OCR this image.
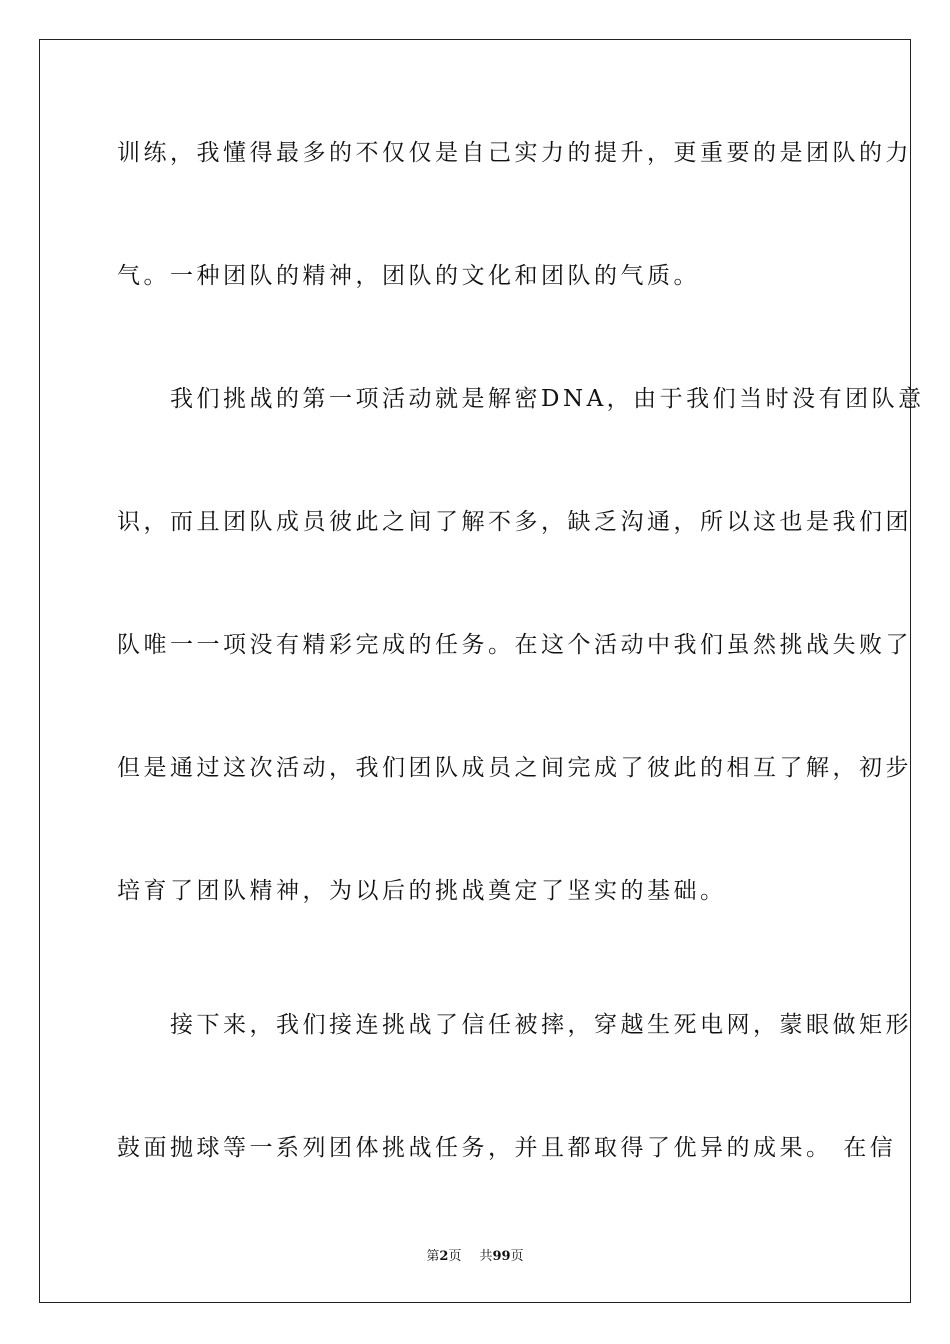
训练，我懂得最多的不仅仅是自己实力的提升，更重要的是团队的力
气。一种团队的精神，团队的文化和团队的气质。
　　我们挑战的第一项活动就是解密DNA，由于我们当时没有团队意
识，而且团队成员彼此之间了解不多，缺乏沟通，所以这也是我们团
队唯一一项没有精彩完成的任务。在这个活动中我们虽然挑战失败了
但是通过这次活动，我们团队成员之间完成了彼此的相互了解，初步
培育了团队精神，为以后的挑战奠定了坚实的基础。
　　接下来，我们接连挑战了信任被摔，穿越生死电网，蒙眼做矩形
鼓面抛球等一系列团体挑战任务，并且都取得了优异的成果。 在信
第2页 共99页
